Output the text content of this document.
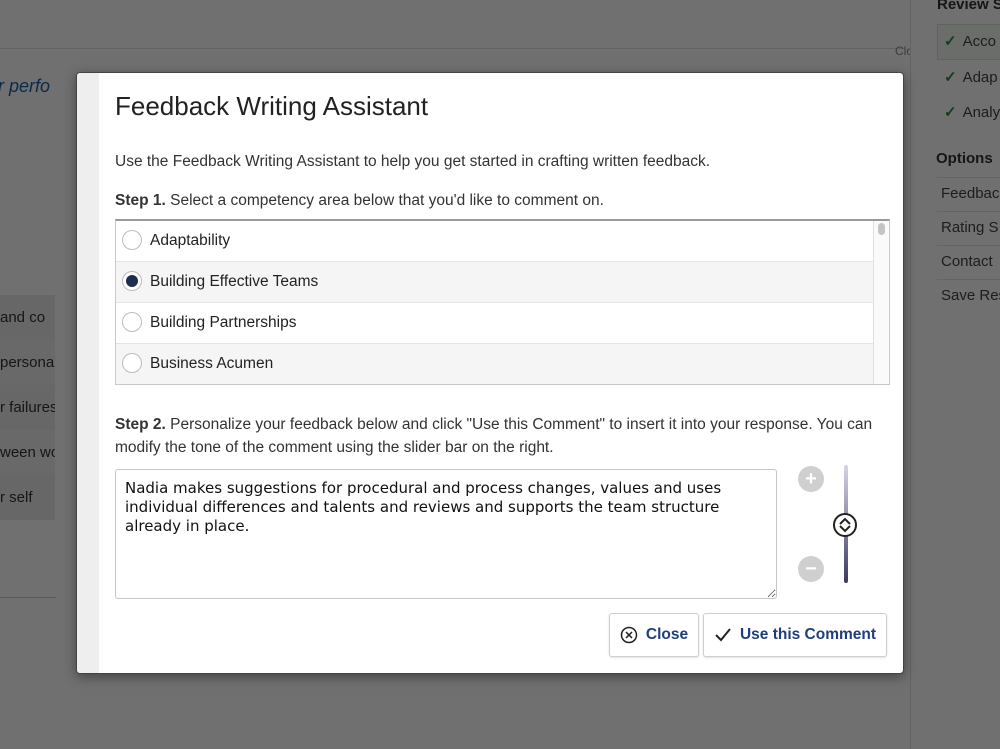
Feedback Writing Assistant
Use the Feedback Writing Assistant to help you get started in crafting written feedback.
Step 1. Select a competency area below that you'd like to comment on.
Adaptability
Building Effective Teams
Building Partnerships
Business Acumen
Step 2. Personalize your feedback below and click "Use this Comment" to insert it into your response. You can modify the tone of the comment using the slider bar on the right.
Nadia makes suggestions for procedural and process changes, values and uses individual differences and talents and reviews and supports the team structure already in place.
+
−
Close	Use this Comment
